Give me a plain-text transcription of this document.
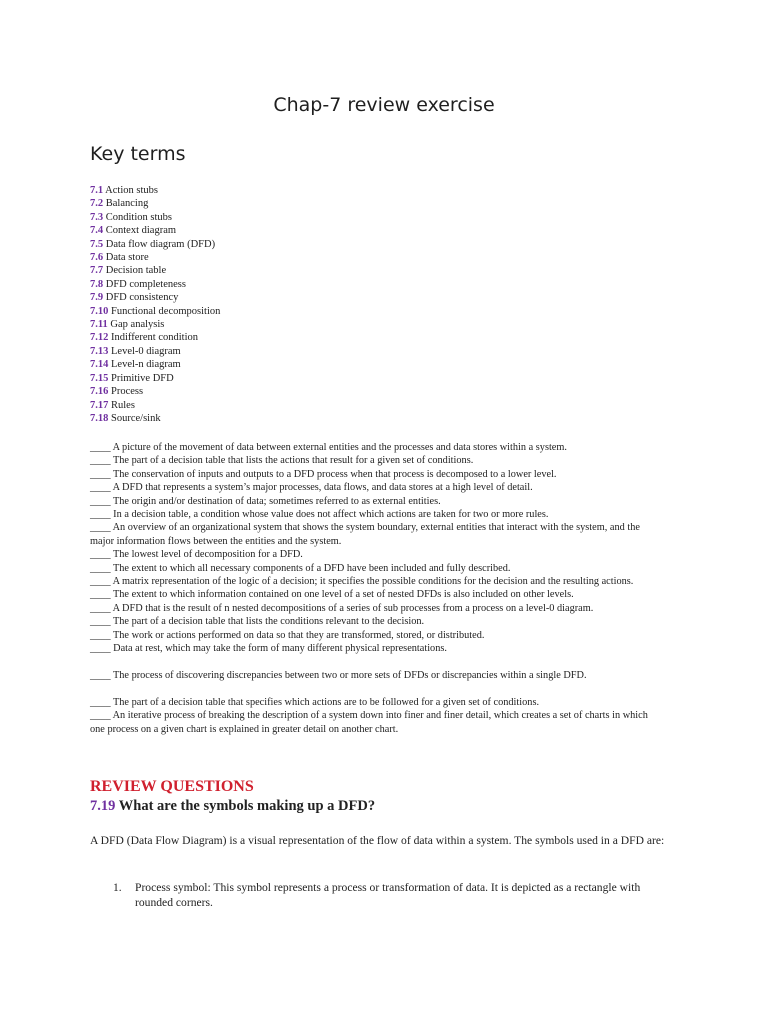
Chap-7 review exercise
Key terms
7.1 Action stubs
7.2 Balancing
7.3 Condition stubs
7.4 Context diagram
7.5 Data flow diagram (DFD)
7.6 Data store
7.7 Decision table
7.8 DFD completeness
7.9 DFD consistency
7.10 Functional decomposition
7.11 Gap analysis
7.12 Indifferent condition
7.13 Level-0 diagram
7.14 Level-n diagram
7.15 Primitive DFD
7.16 Process
7.17 Rules
7.18 Source/sink
____ A picture of the movement of data between external entities and the processes and data stores within a system.
____ The part of a decision table that lists the actions that result for a given set of conditions.
____ The conservation of inputs and outputs to a DFD process when that process is decomposed to a lower level.
____ A DFD that represents a system’s major processes, data flows, and data stores at a high level of detail.
____ The origin and/or destination of data; sometimes referred to as external entities.
____ In a decision table, a condition whose value does not affect which actions are taken for two or more rules.
____ An overview of an organizational system that shows the system boundary, external entities that interact with the system, and the major information flows between the entities and the system.
____ The lowest level of decomposition for a DFD.
____ The extent to which all necessary components of a DFD have been included and fully described.
____ A matrix representation of the logic of a decision; it specifies the possible conditions for the decision and the resulting actions.
____ The extent to which information contained on one level of a set of nested DFDs is also included on other levels.
____ A DFD that is the result of n nested decompositions of a series of sub processes from a process on a level-0 diagram.
____ The part of a decision table that lists the conditions relevant to the decision.
____ The work or actions performed on data so that they are transformed, stored, or distributed.
____ Data at rest, which may take the form of many different physical representations.
____ The process of discovering discrepancies between two or more sets of DFDs or discrepancies within a single DFD.
____ The part of a decision table that specifies which actions are to be followed for a given set of conditions.
____ An iterative process of breaking the description of a system down into finer and finer detail, which creates a set of charts in which one process on a given chart is explained in greater detail on another chart.
REVIEW QUESTIONS
7.19 What are the symbols making up a DFD?

A DFD (Data Flow Diagram) is a visual representation of the flow of data within a system. The symbols used in a DFD are:

1. Process symbol: This symbol represents a process or transformation of data. It is depicted as a rectangle with rounded corners.
